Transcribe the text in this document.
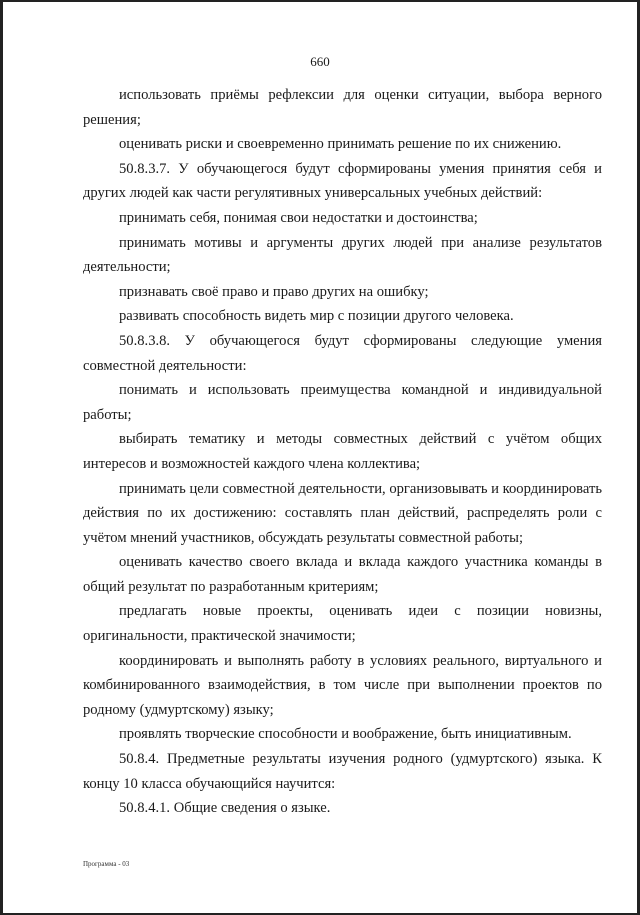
660

использовать приёмы рефлексии для оценки ситуации, выбора верного решения;

оценивать риски и своевременно принимать решение по их снижению.

50.8.3.7. У обучающегося будут сформированы умения принятия себя и других людей как части регулятивных универсальных учебных действий:

принимать себя, понимая свои недостатки и достоинства;

принимать мотивы и аргументы других людей при анализе результатов деятельности;

признавать своё право и право других на ошибку;

развивать способность видеть мир с позиции другого человека.

50.8.3.8. У обучающегося будут сформированы следующие умения совместной деятельности:

понимать и использовать преимущества командной и индивидуальной работы;

выбирать тематику и методы совместных действий с учётом общих интересов и возможностей каждого члена коллектива;

принимать цели совместной деятельности, организовывать и координировать действия по их достижению: составлять план действий, распределять роли с учётом мнений участников, обсуждать результаты совместной работы;

оценивать качество своего вклада и вклада каждого участника команды в общий результат по разработанным критериям;

предлагать новые проекты, оценивать идеи с позиции новизны, оригинальности, практической значимости;

координировать и выполнять работу в условиях реального, виртуального и комбинированного взаимодействия, в том числе при выполнении проектов по родному (удмуртскому) языку;

проявлять творческие способности и воображение, быть инициативным.

50.8.4. Предметные результаты изучения родного (удмуртского) языка. К концу 10 класса обучающийся научится:

50.8.4.1. Общие сведения о языке.

Программа - 03
